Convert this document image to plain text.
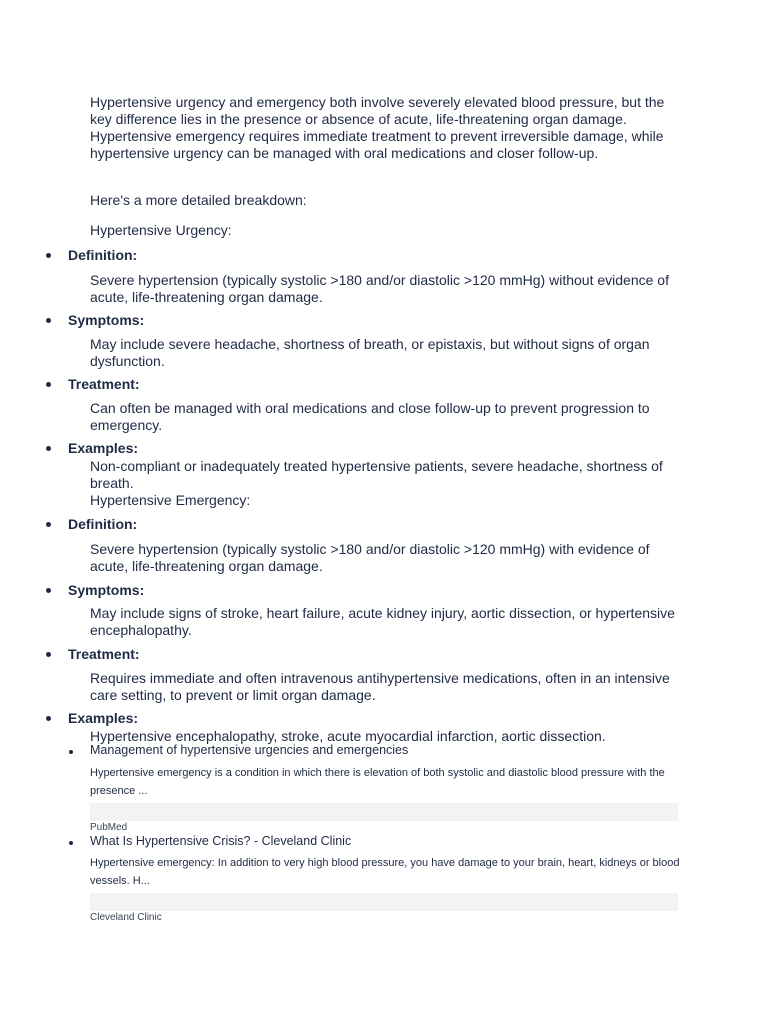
Hypertensive urgency and emergency both involve severely elevated blood pressure, but the key difference lies in the presence or absence of acute, life-threatening organ damage. Hypertensive emergency requires immediate treatment to prevent irreversible damage, while hypertensive urgency can be managed with oral medications and closer follow-up.

Here's a more detailed breakdown:

Hypertensive Urgency:

Definition:

Severe hypertension (typically systolic >180 and/or diastolic >120 mmHg) without evidence of acute, life-threatening organ damage.

Symptoms:

May include severe headache, shortness of breath, or epistaxis, but without signs of organ dysfunction.

Treatment:

Can often be managed with oral medications and close follow-up to prevent progression to emergency.

Examples:

Non-compliant or inadequately treated hypertensive patients, severe headache, shortness of breath.

Hypertensive Emergency:

Definition:

Severe hypertension (typically systolic >180 and/or diastolic >120 mmHg) with evidence of acute, life-threatening organ damage.

Symptoms:

May include signs of stroke, heart failure, acute kidney injury, aortic dissection, or hypertensive encephalopathy.

Treatment:

Requires immediate and often intravenous antihypertensive medications, often in an intensive care setting, to prevent or limit organ damage.

Examples:

Hypertensive encephalopathy, stroke, acute myocardial infarction, aortic dissection.

Management of hypertensive urgencies and emergencies

Hypertensive emergency is a condition in which there is elevation of both systolic and diastolic blood pressure with the presence ...

PubMed
What Is Hypertensive Crisis? - Cleveland Clinic

Hypertensive emergency: In addition to very high blood pressure, you have damage to your brain, heart, kidneys or blood vessels. H...

Cleveland Clinic
